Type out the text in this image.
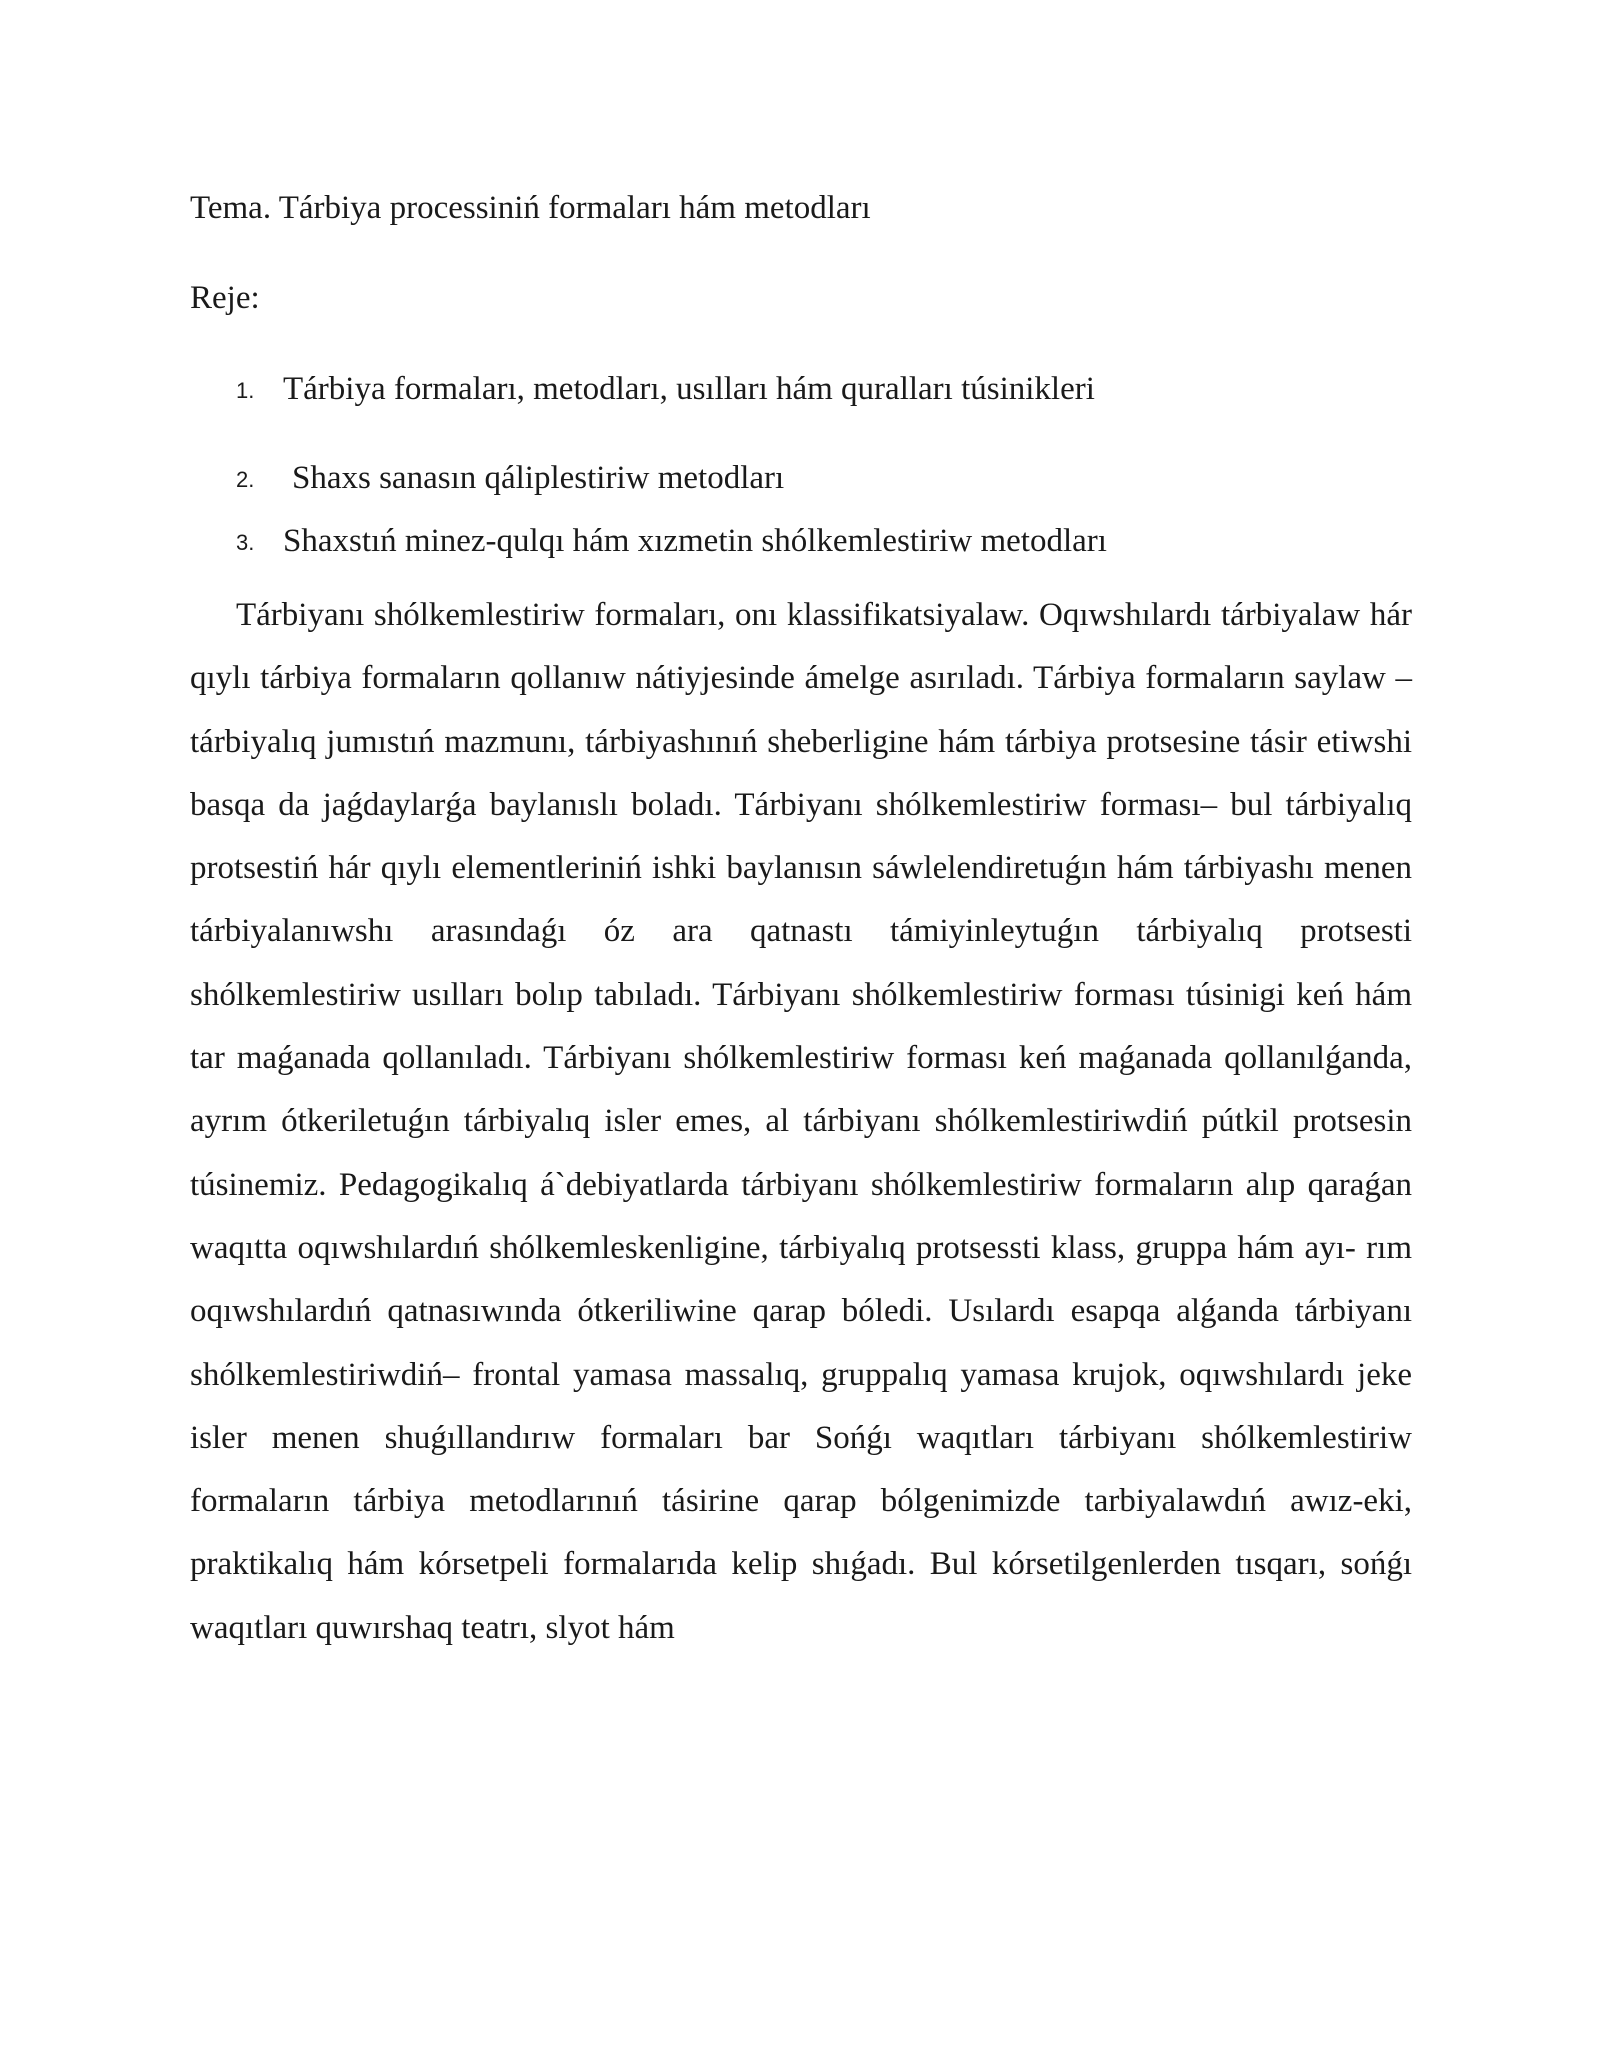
Tema. Tárbiya processiniń formaları hám metodları
Reje:
1. Tárbiya formaları, metodları, usılları hám quralları túsinikleri
2. Shaxs sanasın qáliplestiriw metodları
3. Shaxstıń minez-qulqı hám xızmetin shólkemlestiriw metodları

Tárbiyanı shólkemlestiriw formaları, onı klassifikatsiyalaw. Oqıwshılardı tárbiyalaw hár qıylı tárbiya formaların qollanıw nátiyjesinde ámelge asırıladı. Tárbiya formaların saylaw – tárbiyalıq jumıstıń mazmunı, tárbiyashınıń sheberligine hám tárbiya protsesine tásir etiwshi basqa da jaǵdaylarǵa baylanıslı boladı. Tárbiyanı shólkemlestiriw forması– bul tárbiyalıq protsestiń hár qıylı elementleriniń ishki baylanısın sáwlelendiretuǵın hám tárbiyashı menen tárbiyalanıwshı arasındaǵı óz ara qatnastı támiyinleytuǵın tárbiyalıq protsesti shólkemlestiriw usılları bolıp tabıladı. Tárbiyanı shólkemlestiriw forması túsinigi keń hám tar maǵanada qollanıladı. Tárbiyanı shólkemlestiriw forması keń maǵanada qollanılǵanda, ayrım ótkeriletuǵın tárbiyalıq isler emes, al tárbiyanı shólkemlestiriwdiń pútkil protsesin túsinemiz. Pedagogikalıq á`debiyatlarda tárbiyanı shólkemlestiriw formaların alıp qaraǵan waqıtta oqıwshılardıń shólkemleskenligine, tárbiyalıq protsessti klass, gruppa hám ayı- rım oqıwshılardıń qatnasıwında ótkeriliwine qarap bóledi. Usılardı esapqa alǵanda tárbiyanı shólkemlestiriwdiń– frontal yamasa massalıq, gruppalıq yamasa krujok, oqıwshılardı jeke isler menen shuǵıllandırıw formaları bar Sońǵı waqıtları tárbiyanı shólkemlestiriw formaların tárbiya metodlarınıń tásirine qarap bólgenimizde tarbiyalawdıń awız-eki, praktikalıq hám kórsetpeli formalarıda kelip shıǵadı. Bul kórsetilgenlerden tısqarı, sońǵı waqıtları quwırshaq teatrı, slyot hám
